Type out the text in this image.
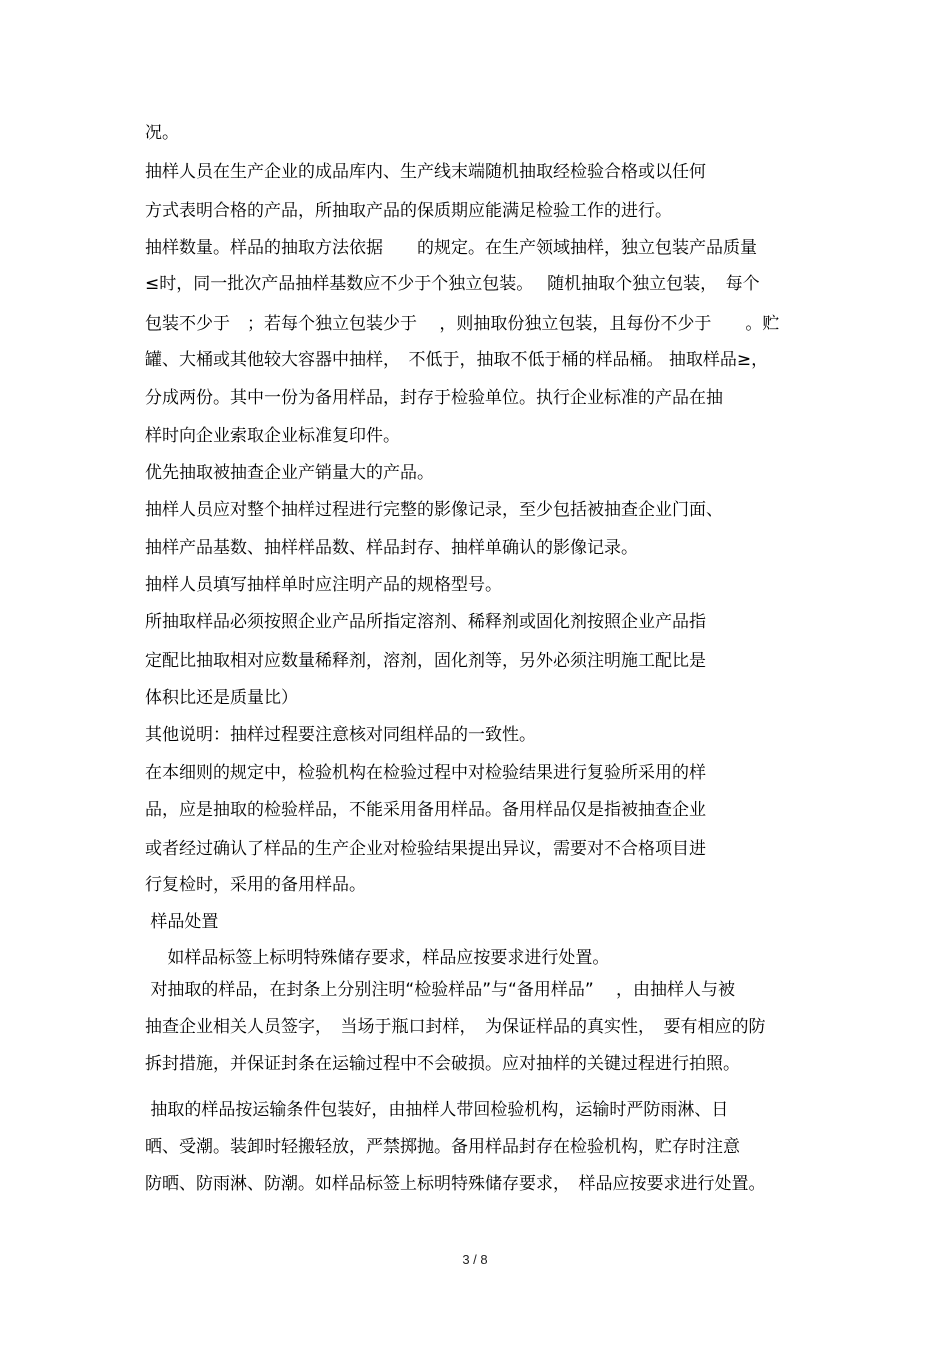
况。
抽样人员在生产企业的成品库内、生产线末端随机抽取经检验合格或以任何
方式表明合格的产品，所抽取产品的保质期应能满足检验工作的进行。
抽样数量。样品的抽取方法依据　　的规定。在生产领域抽样，独立包装产品质量
≤时，同一批次产品抽样基数应不少于个独立包装。　 随机抽取个独立包装，　每个
包装不少于　；若每个独立包装少于　 ，则抽取份独立包装，且每份不少于　　。贮
罐、大桶或其他较大容器中抽样，　不低于，抽取不低于桶的样品桶。 抽取样品≥，
分成两份。其中一份为备用样品，封存于检验单位。执行企业标准的产品在抽
样时向企业索取企业标准复印件。
优先抽取被抽查企业产销量大的产品。
抽样人员应对整个抽样过程进行完整的影像记录，至少包括被抽查企业门面、
抽样产品基数、抽样样品数、样品封存、抽样单确认的影像记录。
抽样人员填写抽样单时应注明产品的规格型号。
所抽取样品必须按照企业产品所指定溶剂、稀释剂或固化剂按照企业产品指
定配比抽取相对应数量稀释剂，溶剂，固化剂等，另外必须注明施工配比是
体积比还是质量比）
其他说明：抽样过程要注意核对同组样品的一致性。
在本细则的规定中，检验机构在检验过程中对检验结果进行复验所采用的样
品，应是抽取的检验样品，不能采用备用样品。备用样品仅是指被抽查企业
或者经过确认了样品的生产企业对检验结果提出异议，需要对不合格项目进
行复检时，采用的备用样品。
样品处置
　 如样品标签上标明特殊储存要求，样品应按要求进行处置。
对抽取的样品，在封条上分别注明“检验样品”与“备用样品”　 ，由抽样人与被
抽查企业相关人员签字，　当场于瓶口封样，　为保证样品的真实性，　要有相应的防
拆封措施，并保证封条在运输过程中不会破损。应对抽样的关键过程进行拍照。
抽取的样品按运输条件包装好，由抽样人带回检验机构，运输时严防雨淋、日
晒、受潮。装卸时轻搬轻放，严禁掷抛。备用样品封存在检验机构，贮存时注意
防晒、防雨淋、防潮。如样品标签上标明特殊储存要求，　样品应按要求进行处置。
3 / 8
